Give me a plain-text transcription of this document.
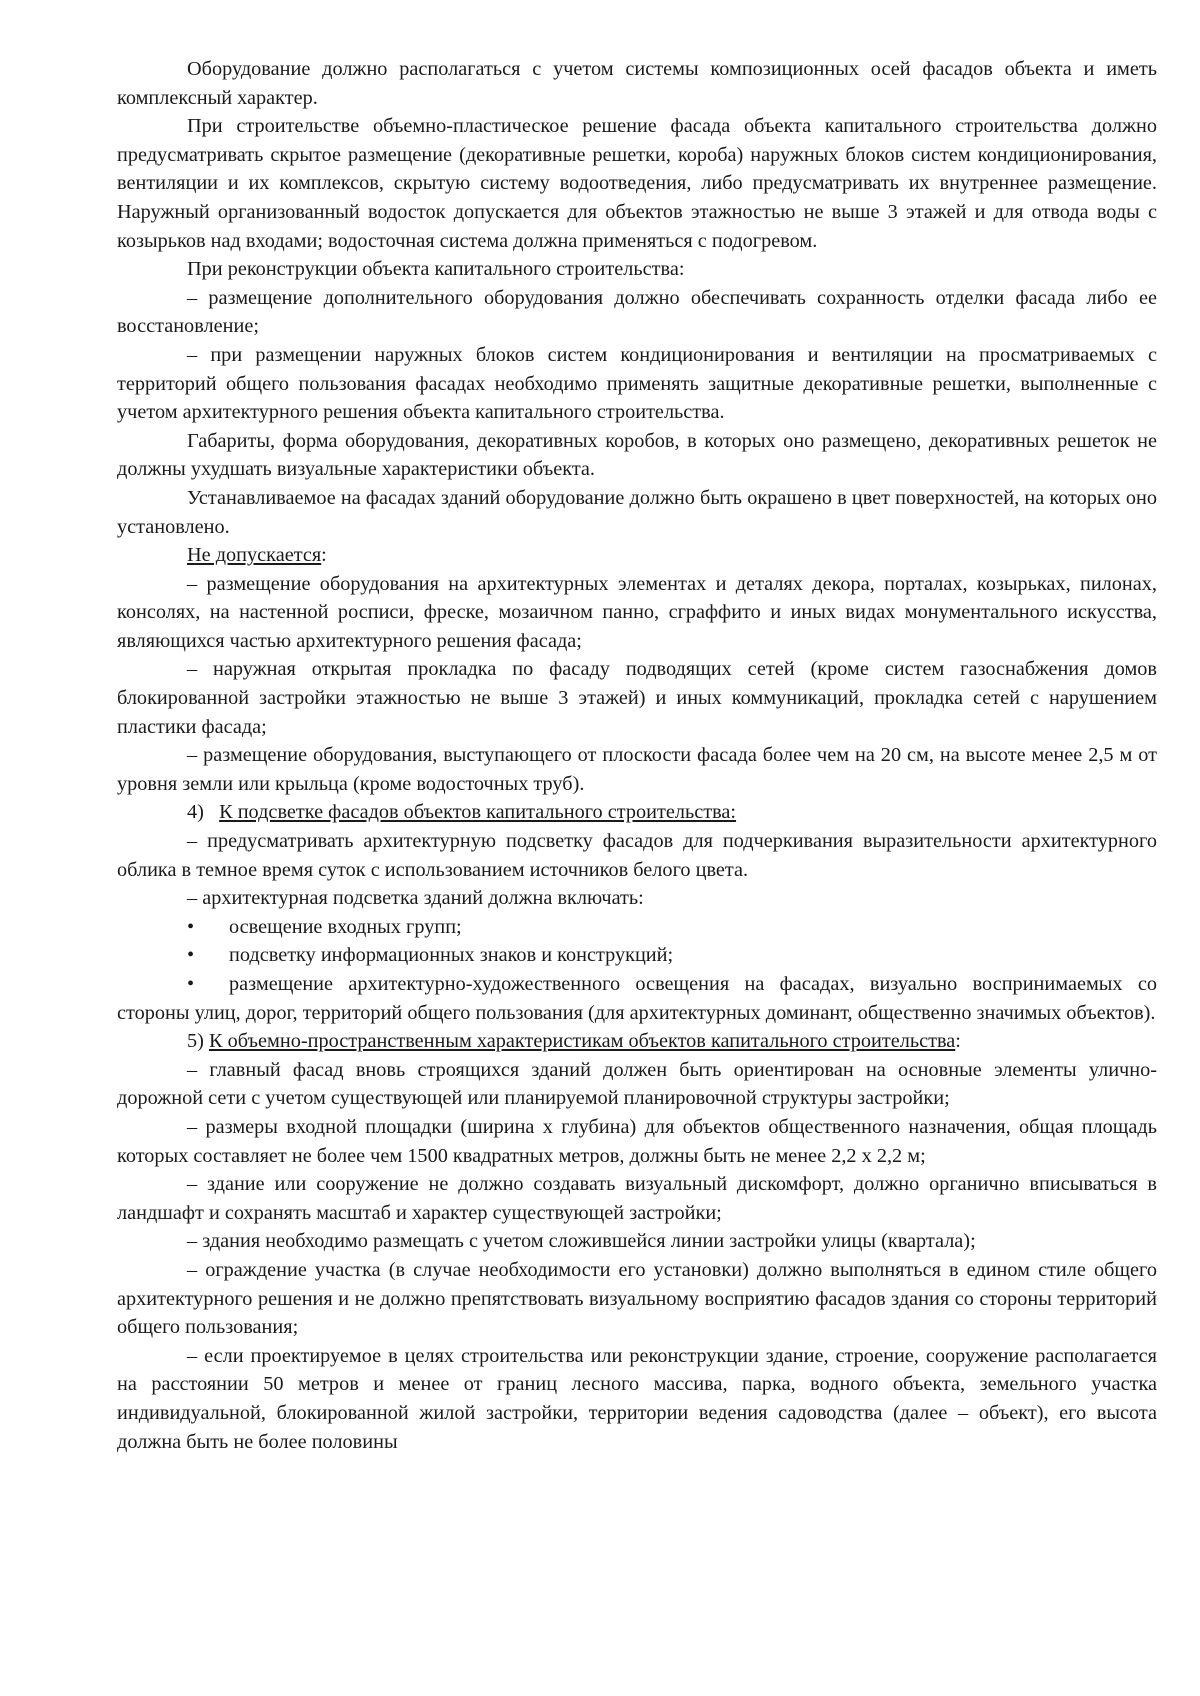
Оборудование должно располагаться с учетом системы композиционных осей фасадов объекта и иметь комплексный характер.

При строительстве объемно-пластическое решение фасада объекта капитального строительства должно предусматривать скрытое размещение (декоративные решетки, короба) наружных блоков систем кондиционирования, вентиляции и их комплексов, скрытую систему водоотведения, либо предусматривать их внутреннее размещение. Наружный организованный водосток допускается для объектов этажностью не выше 3 этажей и для отвода воды с козырьков над входами; водосточная система должна применяться с подогревом.

При реконструкции объекта капитального строительства:

– размещение дополнительного оборудования должно обеспечивать сохранность отделки фасада либо ее восстановление;

– при размещении наружных блоков систем кондиционирования и вентиляции на просматриваемых с территорий общего пользования фасадах необходимо применять защитные декоративные решетки, выполненные с учетом архитектурного решения объекта капитального строительства.

Габариты, форма оборудования, декоративных коробов, в которых оно размещено, декоративных решеток не должны ухудшать визуальные характеристики объекта.

Устанавливаемое на фасадах зданий оборудование должно быть окрашено в цвет поверхностей, на которых оно установлено.

Не допускается:

– размещение оборудования на архитектурных элементах и деталях декора, порталах, козырьках, пилонах, консолях, на настенной росписи, фреске, мозаичном панно, сграффито и иных видах монументального искусства, являющихся частью архитектурного решения фасада;

– наружная открытая прокладка по фасаду подводящих сетей (кроме систем газоснабжения домов блокированной застройки этажностью не выше 3 этажей) и иных коммуникаций, прокладка сетей с нарушением пластики фасада;

– размещение оборудования, выступающего от плоскости фасада более чем на 20 см, на высоте менее 2,5 м от уровня земли или крыльца (кроме водосточных труб).

4)   К подсветке фасадов объектов капитального строительства:

– предусматривать архитектурную подсветку фасадов для подчеркивания выразительности архитектурного облика в темное время суток с использованием источников белого цвета.

– архитектурная подсветка зданий должна включать:

• освещение входных групп;

• подсветку информационных знаков и конструкций;

• размещение архитектурно-художественного освещения на фасадах, визуально воспринимаемых со стороны улиц, дорог, территорий общего пользования (для архитектурных доминант, общественно значимых объектов).

5) К объемно-пространственным характеристикам объектов капитального строительства:

– главный фасад вновь строящихся зданий должен быть ориентирован на основные элементы улично-дорожной сети с учетом существующей или планируемой планировочной структуры застройки;

– размеры входной площадки (ширина х глубина) для объектов общественного назначения, общая площадь которых составляет не более чем 1500 квадратных метров, должны быть не менее 2,2 х 2,2 м;

– здание или сооружение не должно создавать визуальный дискомфорт, должно органично вписываться в ландшафт и сохранять масштаб и характер существующей застройки;

– здания необходимо размещать с учетом сложившейся линии застройки улицы (квартала);

– ограждение участка (в случае необходимости его установки) должно выполняться в едином стиле общего архитектурного решения и не должно препятствовать визуальному восприятию фасадов здания со стороны территорий общего пользования;

– если проектируемое в целях строительства или реконструкции здание, строение, сооружение располагается на расстоянии 50 метров и менее от границ лесного массива, парка, водного объекта, земельного участка индивидуальной, блокированной жилой застройки, территории ведения садоводства (далее – объект), его высота должна быть не более половины
